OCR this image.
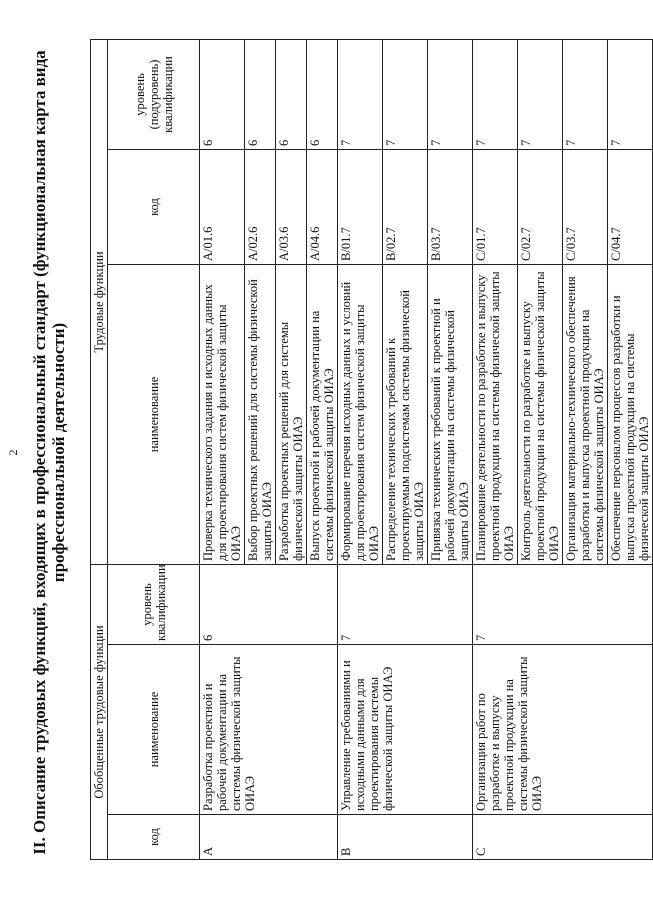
2 II. Описание трудовых функций, входящих в профессиональный стандарт (функциональная карта вида профессиональной деятельности)
Обобщенные трудовые функции			Трудовые функции		
код	наименование	уровень квалификации	наименование	код	уровень (подуровень) квалификации
A	Разработка проектной и рабочей документации на системы физической защиты ОИАЭ	6	Проверка технического задания и исходных данных для проектирования систем физической защиты ОИАЭ	A/01.6	6
			Выбор проектных решений для системы физической защиты ОИАЭ	A/02.6	6
			Разработка проектных решений для системы физической защиты ОИАЭ	A/03.6	6
			Выпуск проектной и рабочей документации на системы физической защиты ОИАЭ	A/04.6	6
B	Управление требованиями и исходными данными для проектирования системы физической защиты ОИАЭ	7	Формирование перечня исходных данных и условий для проектирования систем физической защиты ОИАЭ	B/01.7	7
			Распределение технических требований к проектируемым подсистемам системы физической защиты ОИАЭ	B/02.7	7
			Привязка технических требований к проектной и рабочей документации на системы физической защиты ОИАЭ	B/03.7	7
C	Организация работ по разработке и выпуску проектной продукции на системы физической защиты ОИАЭ	7	Планирование деятельности по разработке и выпуску проектной продукции на системы физической защиты ОИАЭ	C/01.7	7
			Контроль деятельности по разработке и выпуску проектной продукции на системы физической защиты ОИАЭ	C/02.7	7
			Организация материально-технического обеспечения разработки и выпуска проектной продукции на системы физической защиты ОИАЭ	C/03.7	7
			Обеспечение персоналом процессов разработки и выпуска проектной продукции на системы физической защиты ОИАЭ	C/04.7	7
